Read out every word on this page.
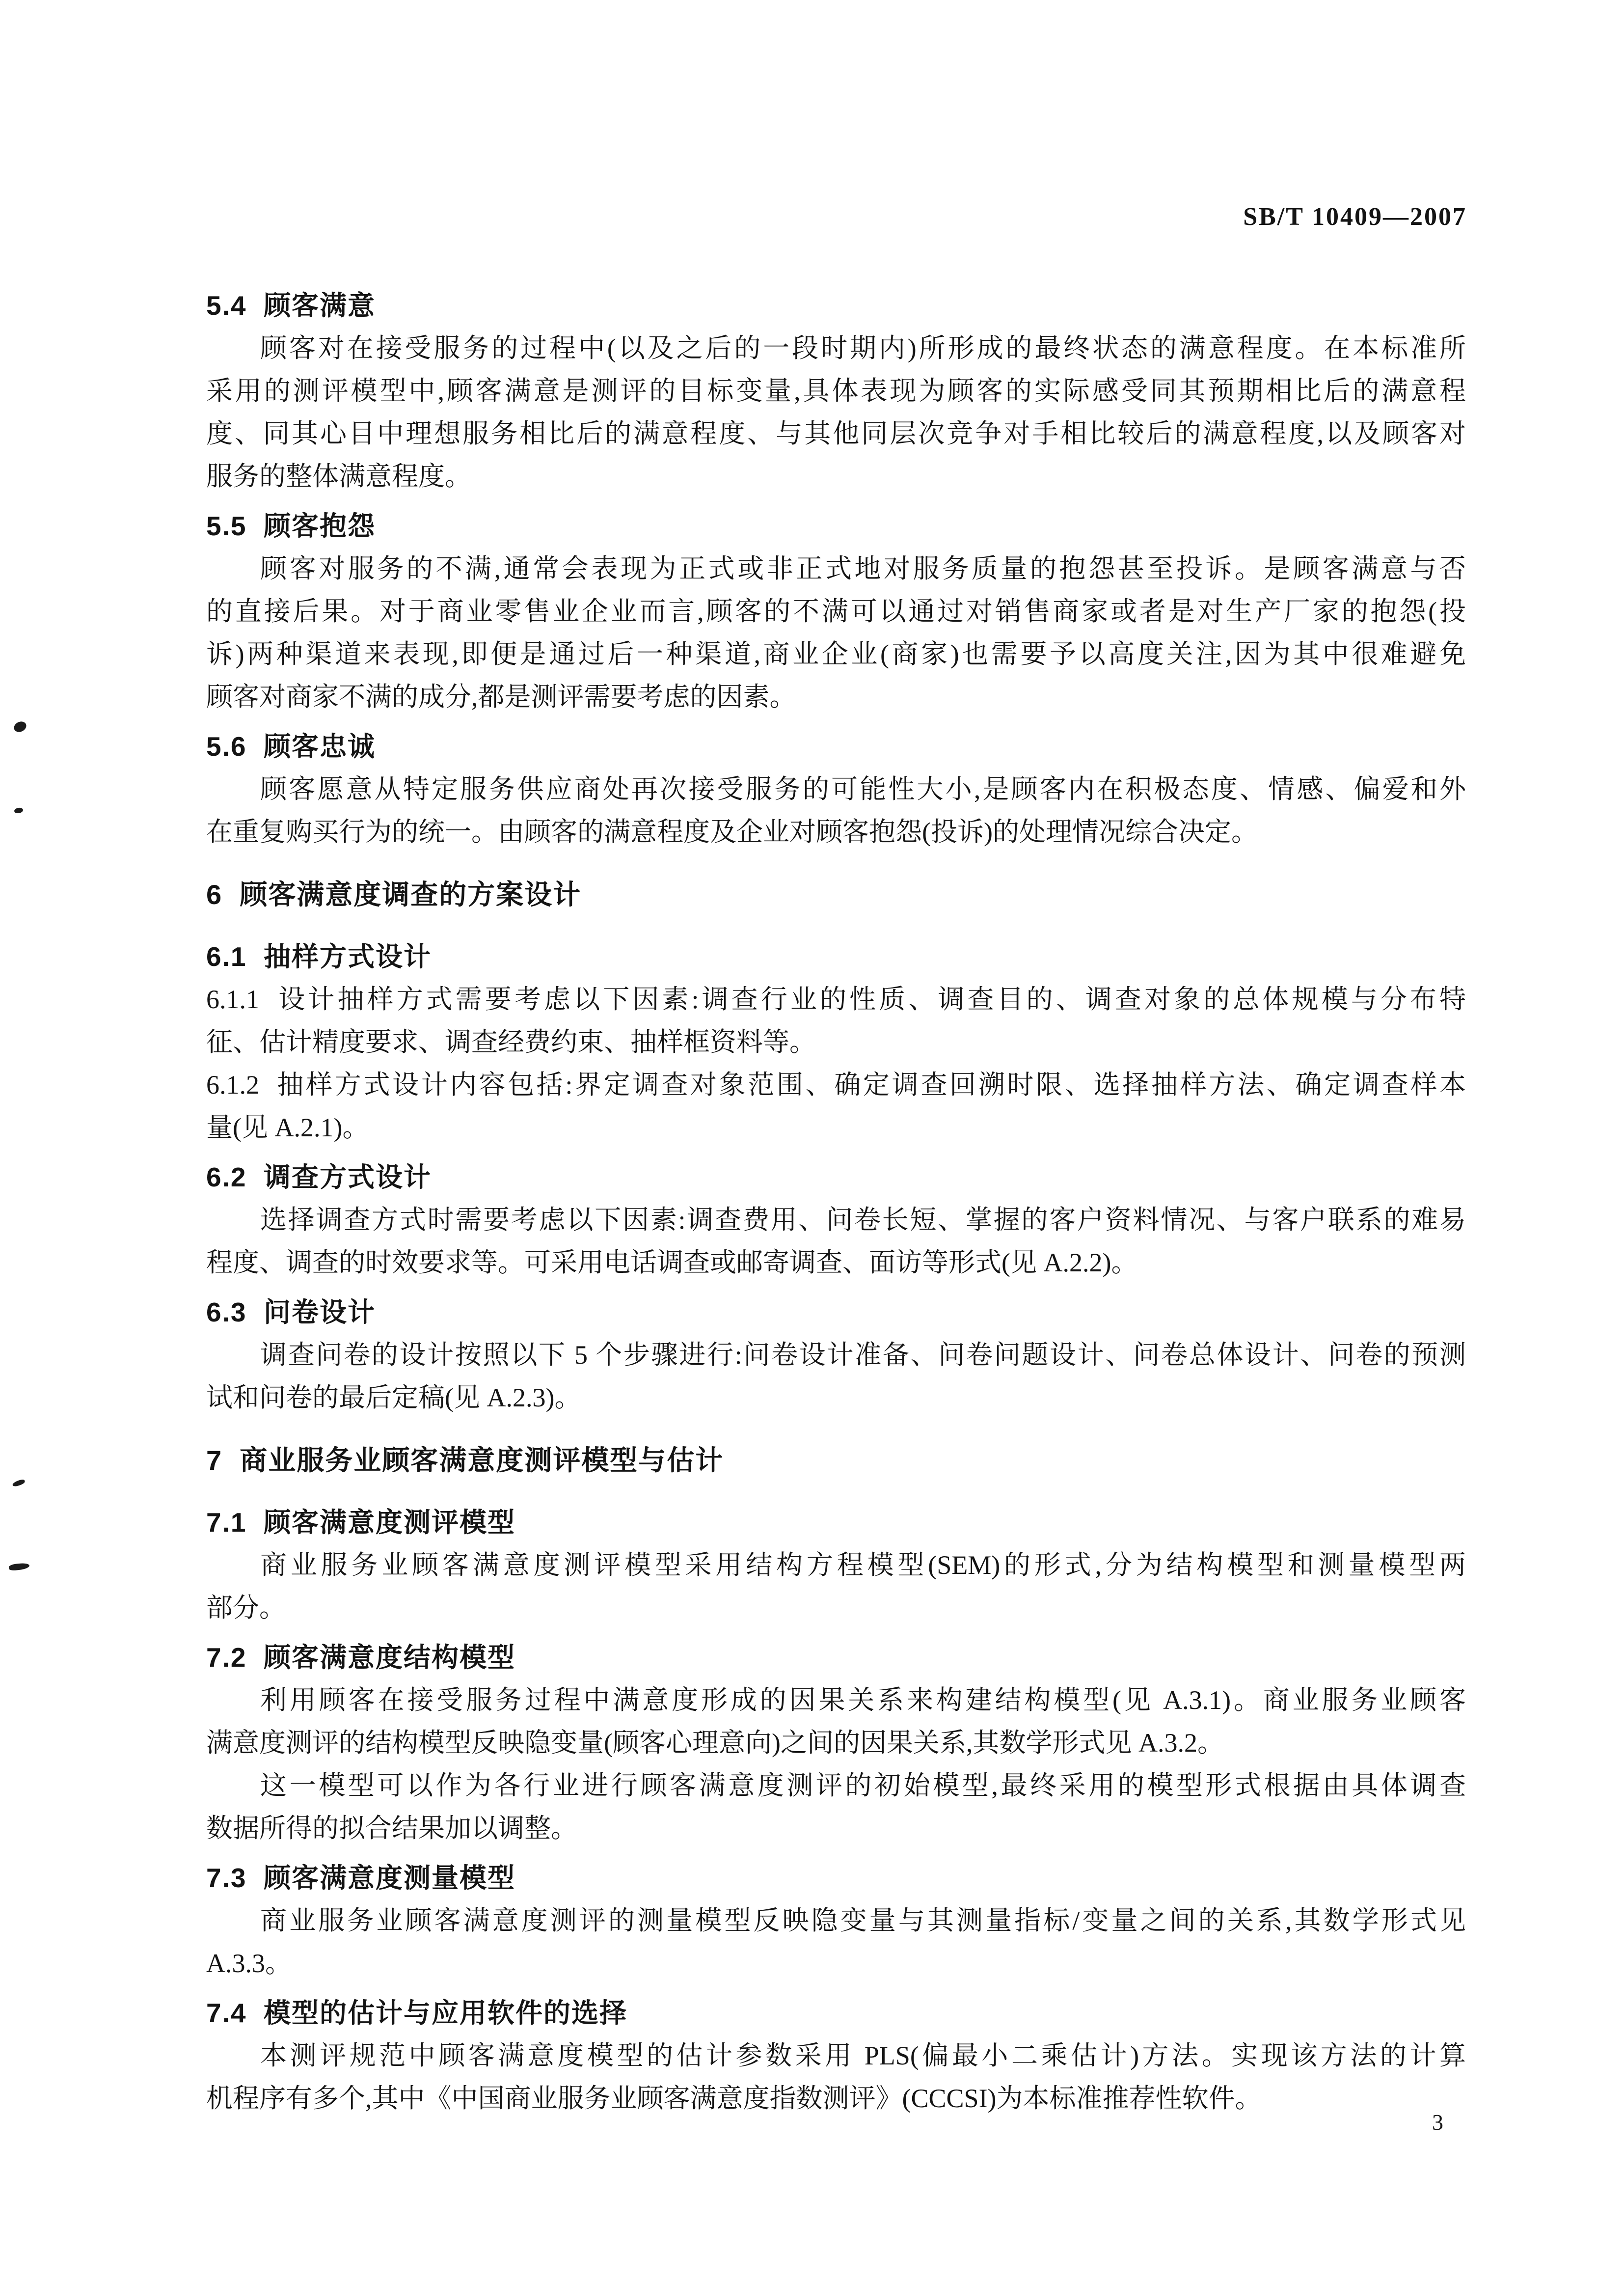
SB/T 10409—2007
5.4  顾客满意
顾客对在接受服务的过程中(以及之后的一段时期内)所形成的最终状态的满意程度。在本标准所
采用的测评模型中,顾客满意是测评的目标变量,具体表现为顾客的实际感受同其预期相比后的满意程
度、同其心目中理想服务相比后的满意程度、与其他同层次竞争对手相比较后的满意程度,以及顾客对
服务的整体满意程度。
5.5  顾客抱怨
顾客对服务的不满,通常会表现为正式或非正式地对服务质量的抱怨甚至投诉。是顾客满意与否
的直接后果。对于商业零售业企业而言,顾客的不满可以通过对销售商家或者是对生产厂家的抱怨(投
诉)两种渠道来表现,即便是通过后一种渠道,商业企业(商家)也需要予以高度关注,因为其中很难避免
顾客对商家不满的成分,都是测评需要考虑的因素。
5.6  顾客忠诚
顾客愿意从特定服务供应商处再次接受服务的可能性大小,是顾客内在积极态度、情感、偏爱和外
在重复购买行为的统一。由顾客的满意程度及企业对顾客抱怨(投诉)的处理情况综合决定。
6  顾客满意度调查的方案设计
6.1  抽样方式设计
6.1.1  设计抽样方式需要考虑以下因素:调查行业的性质、调查目的、调查对象的总体规模与分布特
征、估计精度要求、调查经费约束、抽样框资料等。
6.1.2  抽样方式设计内容包括:界定调查对象范围、确定调查回溯时限、选择抽样方法、确定调查样本
量(见 A.2.1)。
6.2  调查方式设计
选择调查方式时需要考虑以下因素:调查费用、问卷长短、掌握的客户资料情况、与客户联系的难易
程度、调查的时效要求等。可采用电话调查或邮寄调查、面访等形式(见 A.2.2)。
6.3  问卷设计
调查问卷的设计按照以下 5 个步骤进行:问卷设计准备、问卷问题设计、问卷总体设计、问卷的预测
试和问卷的最后定稿(见 A.2.3)。
7  商业服务业顾客满意度测评模型与估计
7.1  顾客满意度测评模型
商业服务业顾客满意度测评模型采用结构方程模型(SEM)的形式,分为结构模型和测量模型两
部分。
7.2  顾客满意度结构模型
利用顾客在接受服务过程中满意度形成的因果关系来构建结构模型(见 A.3.1)。商业服务业顾客
满意度测评的结构模型反映隐变量(顾客心理意向)之间的因果关系,其数学形式见 A.3.2。
这一模型可以作为各行业进行顾客满意度测评的初始模型,最终采用的模型形式根据由具体调查
数据所得的拟合结果加以调整。
7.3  顾客满意度测量模型
商业服务业顾客满意度测评的测量模型反映隐变量与其测量指标/变量之间的关系,其数学形式见
A.3.3。
7.4  模型的估计与应用软件的选择
本测评规范中顾客满意度模型的估计参数采用 PLS(偏最小二乘估计)方法。实现该方法的计算
机程序有多个,其中《中国商业服务业顾客满意度指数测评》(CCCSI)为本标准推荐性软件。
3
